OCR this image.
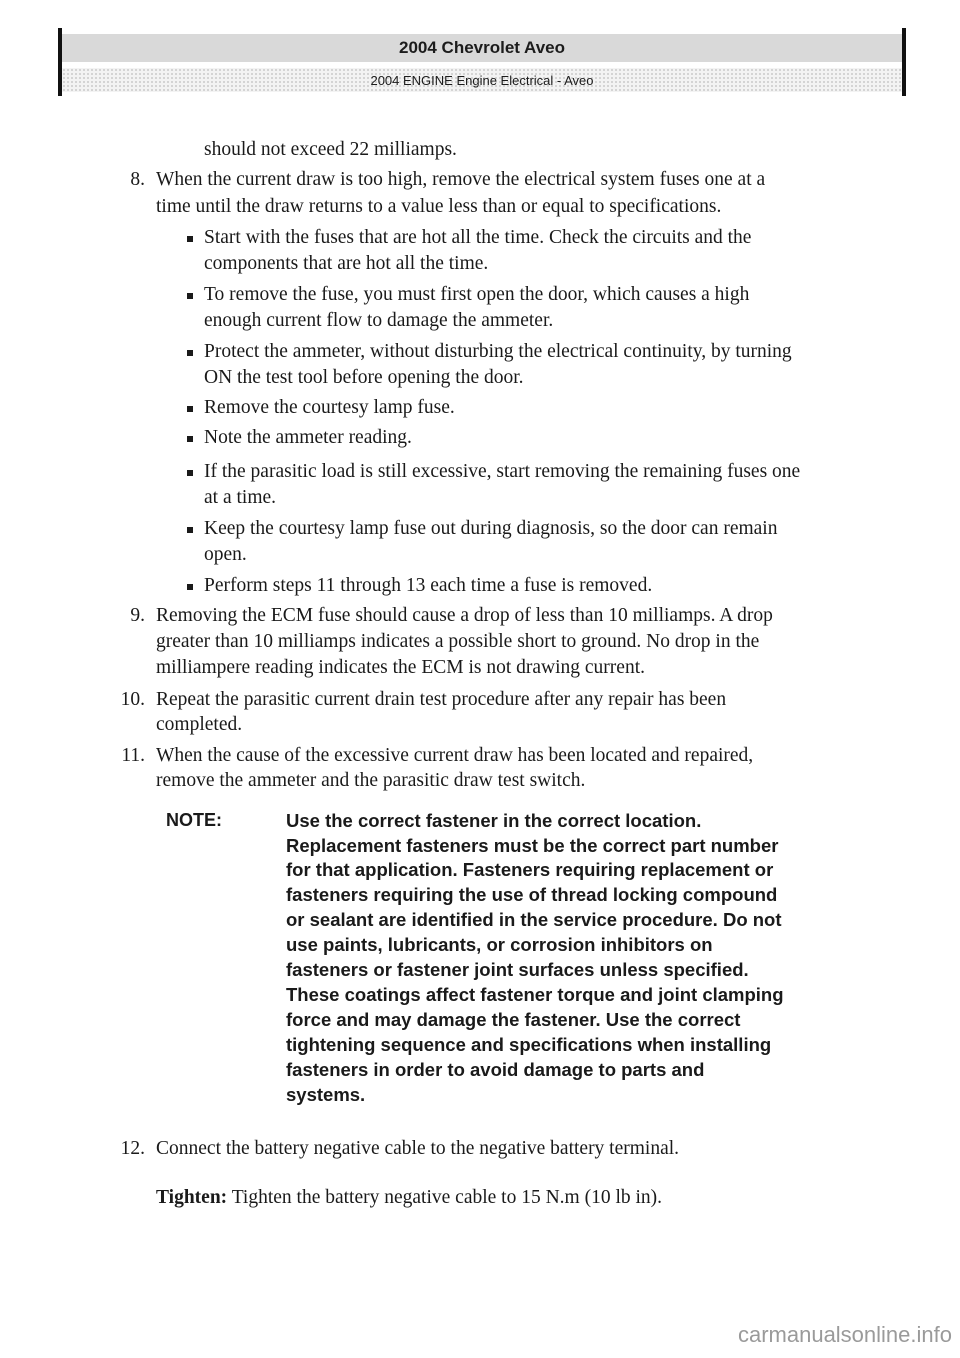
2004 Chevrolet Aveo
2004 ENGINE Engine Electrical - Aveo
should not exceed 22 milliamps.
8. When the current draw is too high, remove the electrical system fuses one at a
time until the draw returns to a value less than or equal to specifications.
Start with the fuses that are hot all the time. Check the circuits and the
components that are hot all the time.
To remove the fuse, you must first open the door, which causes a high
enough current flow to damage the ammeter.
Protect the ammeter, without disturbing the electrical continuity, by turning
ON the test tool before opening the door.
Remove the courtesy lamp fuse.
Note the ammeter reading.
If the parasitic load is still excessive, start removing the remaining fuses one
at a time.
Keep the courtesy lamp fuse out during diagnosis, so the door can remain
open.
Perform steps 11 through 13 each time a fuse is removed.
9. Removing the ECM fuse should cause a drop of less than 10 milliamps. A drop
greater than 10 milliamps indicates a possible short to ground. No drop in the
milliampere reading indicates the ECM is not drawing current.
10. Repeat the parasitic current drain test procedure after any repair has been
completed.
11. When the cause of the excessive current draw has been located and repaired,
remove the ammeter and the parasitic draw test switch.
NOTE:	Use the correct fastener in the correct location.
Replacement fasteners must be the correct part number
for that application. Fasteners requiring replacement or
fasteners requiring the use of thread locking compound
or sealant are identified in the service procedure. Do not
use paints, lubricants, or corrosion inhibitors on
fasteners or fastener joint surfaces unless specified.
These coatings affect fastener torque and joint clamping
force and may damage the fastener. Use the correct
tightening sequence and specifications when installing
fasteners in order to avoid damage to parts and
systems.
12. Connect the battery negative cable to the negative battery terminal.
Tighten: Tighten the battery negative cable to 15 N.m (10 lb in).
carmanualsonline.info
